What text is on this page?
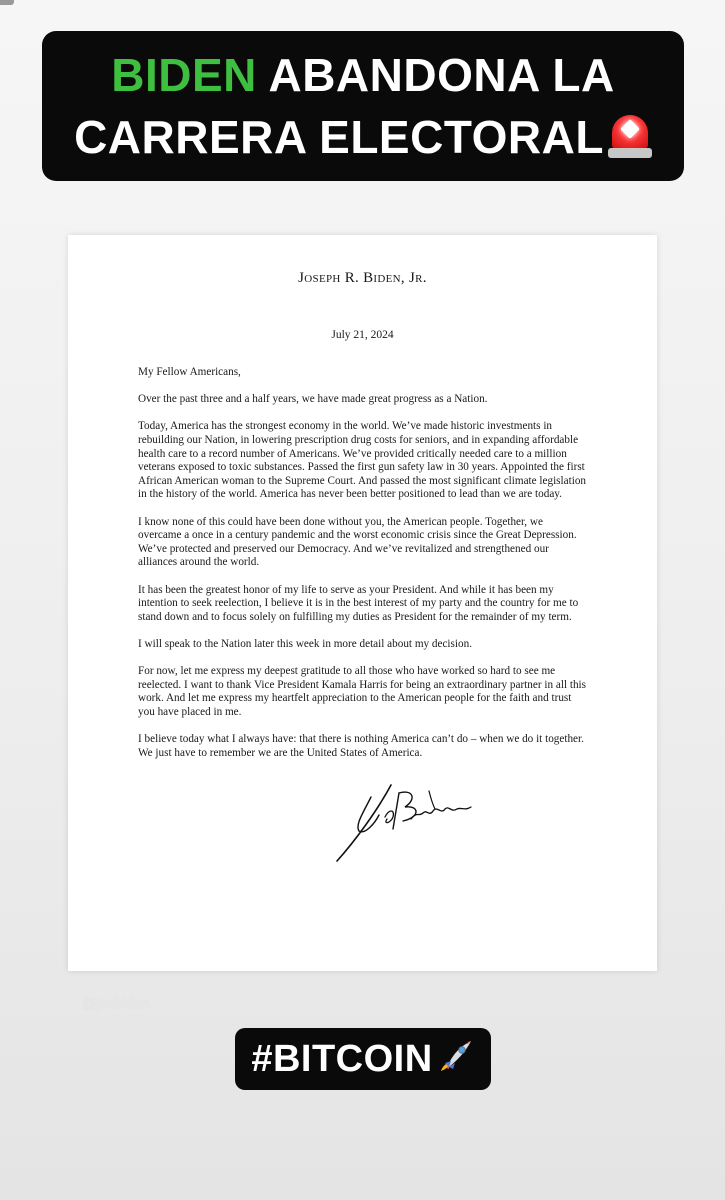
BIDEN ABANDONA LA
CARRERA ELECTORAL
Joseph R. Biden, Jr.
July 21, 2024

My Fellow Americans,

Over the past three and a half years, we have made great progress as a Nation.

Today, America has the strongest economy in the world. We’ve made historic investments in rebuilding our Nation, in lowering prescription drug costs for seniors, and in expanding affordable health care to a record number of Americans. We’ve provided critically needed care to a million veterans exposed to toxic substances. Passed the first gun safety law in 30 years. Appointed the first African American woman to the Supreme Court. And passed the most significant climate legislation in the history of the world. America has never been better positioned to lead than we are today.

I know none of this could have been done without you, the American people. Together, we overcame a once in a century pandemic and the worst economic crisis since the Great Depression. We’ve protected and preserved our Democracy. And we’ve revitalized and strengthened our alliances around the world.

It has been the greatest honor of my life to serve as your President. And while it has been my intention to seek reelection, I believe it is in the best interest of my party and the country for me to stand down and to focus solely on fulfilling my duties as President for the remainder of my term.

I will speak to the Nation later this week in more detail about my decision.

For now, let me express my deepest gratitude to all those who have worked so hard to see me reelected. I want to thank Vice President Kamala Harris for being an extraordinary partner in all this work. And let me express my heartfelt appreciation to the American people for the faith and trust you have placed in me.

I believe today what I always have: that there is nothing America can’t do – when we do it together. We just have to remember we are the United States of America.

@joebiden
#BITCOIN
